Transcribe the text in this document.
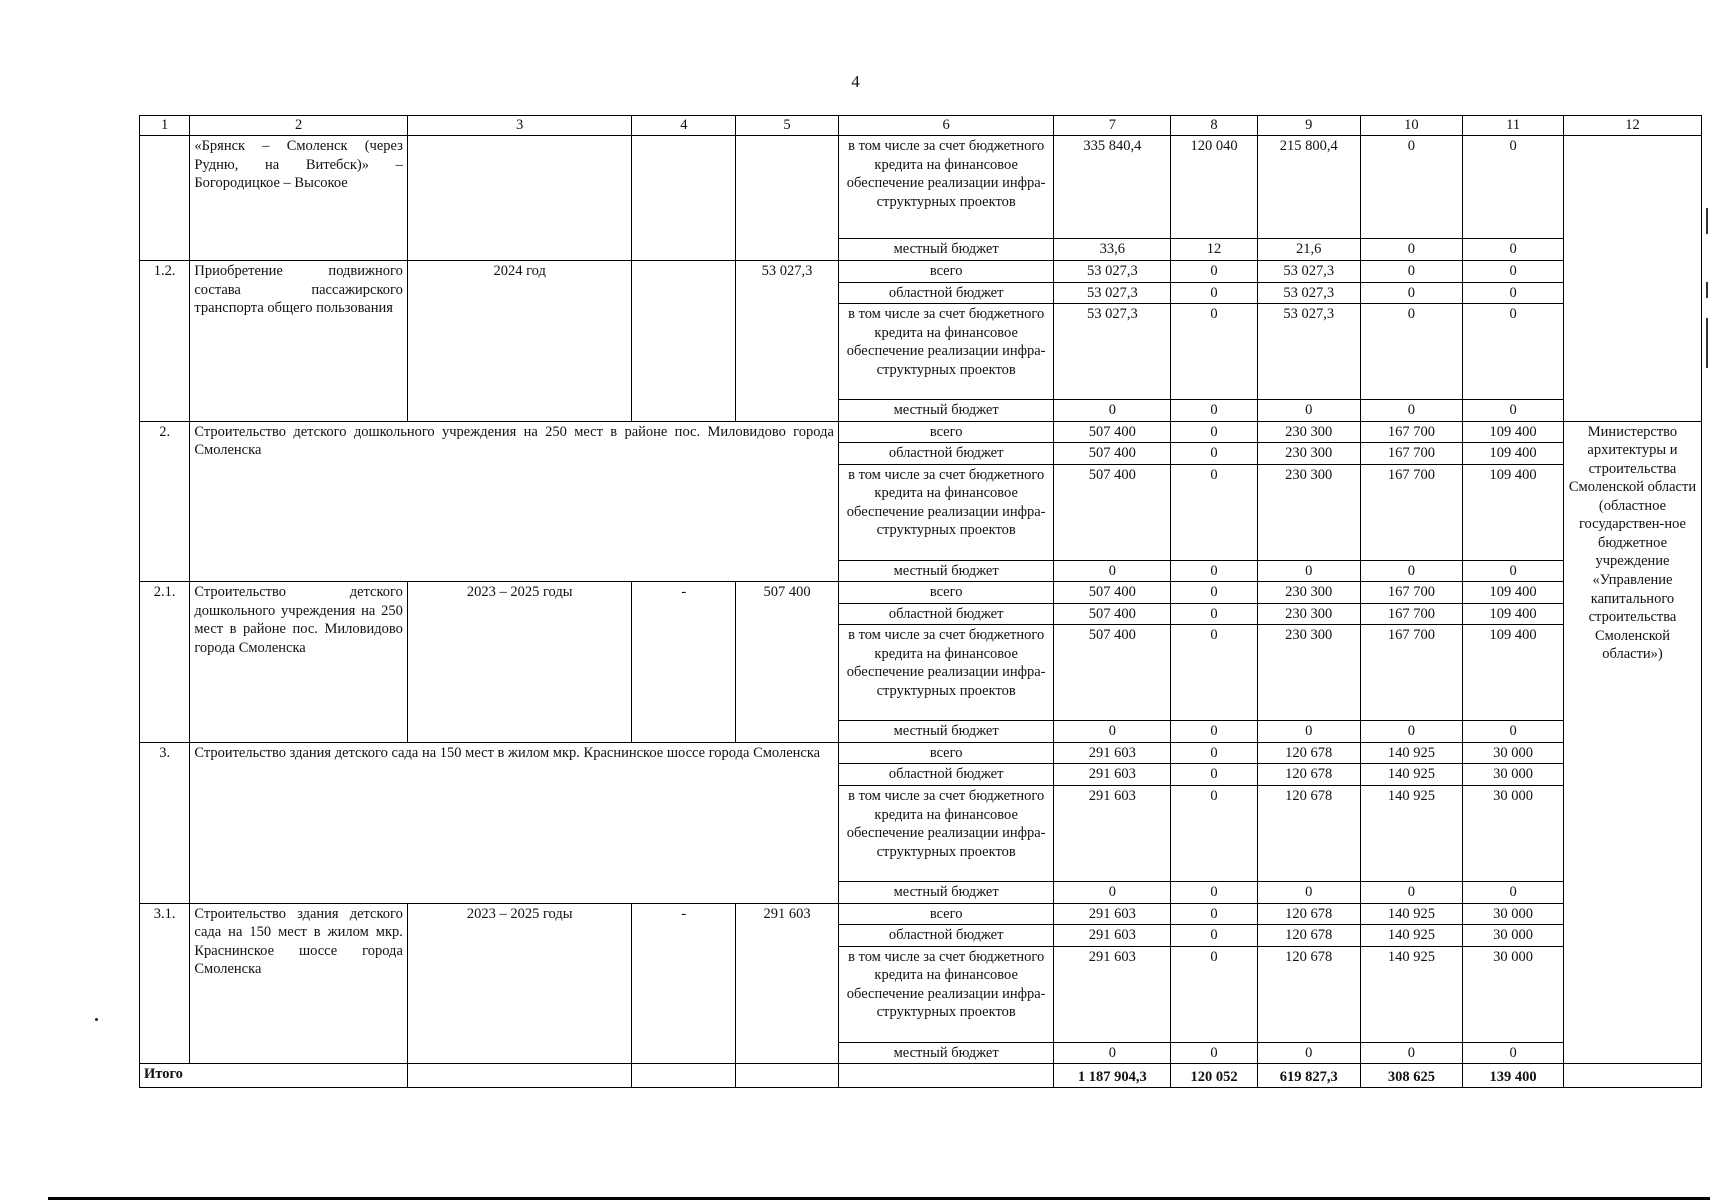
4
1	2	3	4	5	6	7	8	9	10	11	12
	«Брянск – Смоленск (через Рудню, на Витебск)» – Богородицкое – Высокое				в том числе за счет бюджетного кредита на финансовое обеспечение реализации инфра-структурных проектов	335 840,4	120 040	215 800,4	0	0	
					местный бюджет	33,6	12	21,6	0	0	
1.2.	Приобретение подвижного состава пассажирского транспорта общего пользования	2024 год		53 027,3	всего	53 027,3	0	53 027,3	0	0	
					областной бюджет	53 027,3	0	53 027,3	0	0	
					в том числе за счет бюджетного кредита на финансовое обеспечение реализации инфра-структурных проектов	53 027,3	0	53 027,3	0	0	
					местный бюджет	0	0	0	0	0	
2.	Строительство детского дошкольного учреждения на 250 мест в районе пос. Миловидово города Смоленска				всего	507 400	0	230 300	167 700	109 400	Министерство архитектуры и строительства Смоленской области (областное государствен-ное бюджетное учреждение «Управление капитального строительства Смоленской области»)
					областной бюджет	507 400	0	230 300	167 700	109 400	
					в том числе за счет бюджетного кредита на финансовое обеспечение реализации инфра-структурных проектов	507 400	0	230 300	167 700	109 400	
					местный бюджет	0	0	0	0	0	
2.1.	Строительство детского дошкольного учреждения на 250 мест в районе пос. Миловидово города Смоленска	2023 – 2025 годы	-	507 400	всего	507 400	0	230 300	167 700	109 400	
					областной бюджет	507 400	0	230 300	167 700	109 400	
					в том числе за счет бюджетного кредита на финансовое обеспечение реализации инфра-структурных проектов	507 400	0	230 300	167 700	109 400	
					местный бюджет	0	0	0	0	0	
3.	Строительство здания детского сада на 150 мест в жилом мкр. Краснинское шоссе города Смоленска				всего	291 603	0	120 678	140 925	30 000	
					областной бюджет	291 603	0	120 678	140 925	30 000	
					в том числе за счет бюджетного кредита на финансовое обеспечение реализации инфра-структурных проектов	291 603	0	120 678	140 925	30 000	
					местный бюджет	0	0	0	0	0	
3.1.	Строительство здания детского сада на 150 мест в жилом мкр. Краснинское шоссе города Смоленска	2023 – 2025 годы	-	291 603	всего	291 603	0	120 678	140 925	30 000	
					областной бюджет	291 603	0	120 678	140 925	30 000	
					в том числе за счет бюджетного кредита на финансовое обеспечение реализации инфра-структурных проектов	291 603	0	120 678	140 925	30 000	
					местный бюджет	0	0	0	0	0	
Итого						1 187 904,3	120 052	619 827,3	308 625	139 400	
